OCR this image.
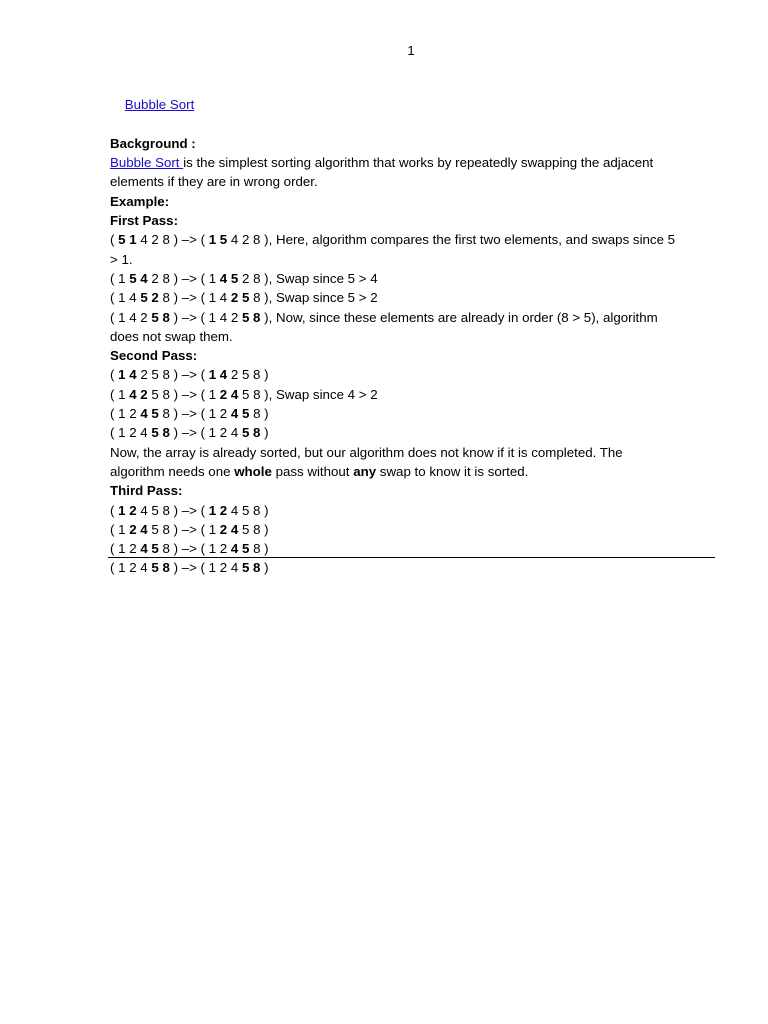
1

Bubble Sort

Background :
Bubble Sort is the simplest sorting algorithm that works by repeatedly swapping the adjacent
elements if they are in wrong order.
Example:
First Pass:
( 5 1 4 2 8 ) –> ( 1 5 4 2 8 ), Here, algorithm compares the first two elements, and swaps since 5
> 1.
( 1 5 4 2 8 ) –> ( 1 4 5 2 8 ), Swap since 5 > 4
( 1 4 5 2 8 ) –> ( 1 4 2 5 8 ), Swap since 5 > 2
( 1 4 2 5 8 ) –> ( 1 4 2 5 8 ), Now, since these elements are already in order (8 > 5), algorithm
does not swap them.
Second Pass:
( 1 4 2 5 8 ) –> ( 1 4 2 5 8 )
( 1 4 2 5 8 ) –> ( 1 2 4 5 8 ), Swap since 4 > 2
( 1 2 4 5 8 ) –> ( 1 2 4 5 8 )
( 1 2 4 5 8 ) –> ( 1 2 4 5 8 )
Now, the array is already sorted, but our algorithm does not know if it is completed. The
algorithm needs one whole pass without any swap to know it is sorted.
Third Pass:
( 1 2 4 5 8 ) –> ( 1 2 4 5 8 )
( 1 2 4 5 8 ) –> ( 1 2 4 5 8 )
( 1 2 4 5 8 ) –> ( 1 2 4 5 8 )
( 1 2 4 5 8 ) –> ( 1 2 4 5 8 )
